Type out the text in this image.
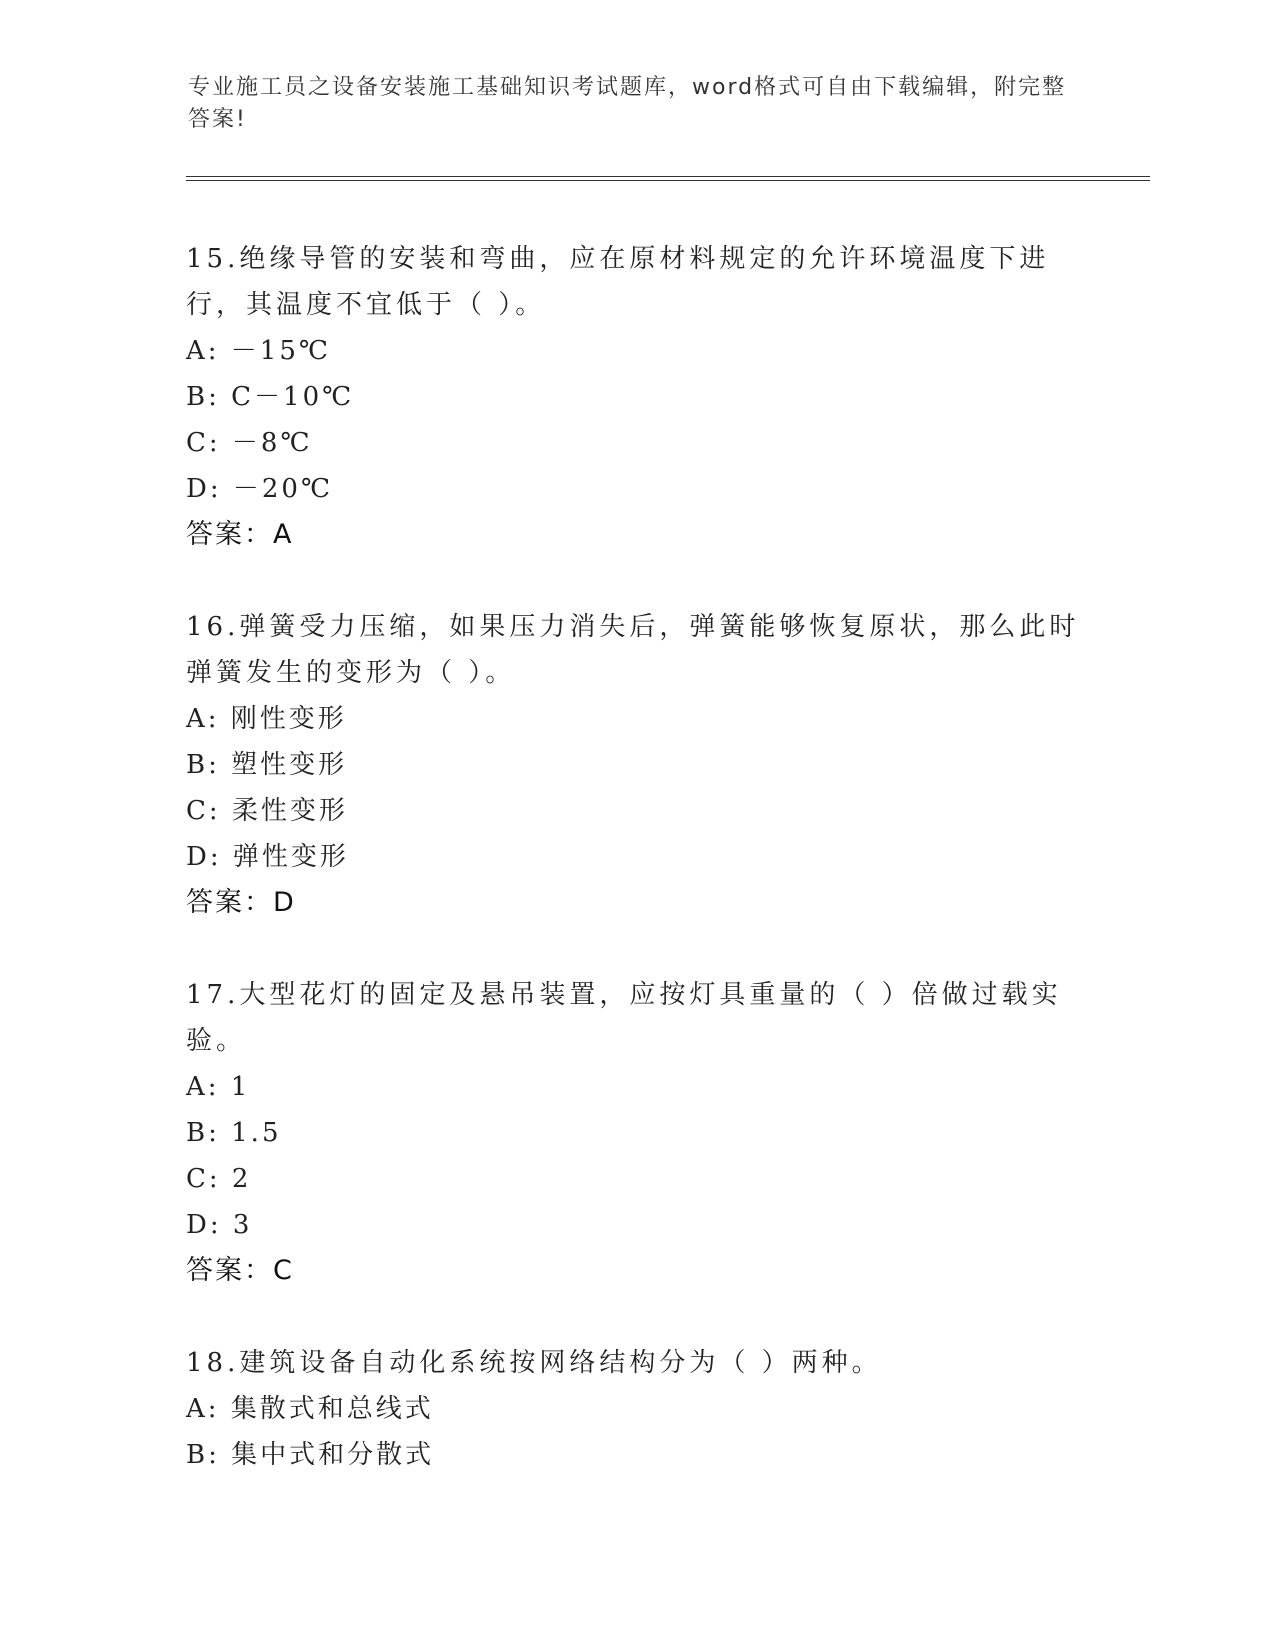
专业施工员之设备安装施工基础知识考试题库，word格式可自由下载编辑，附完整答案!
15.绝缘导管的安装和弯曲，应在原材料规定的允许环境温度下进行，其温度不宜低于（ ）。
A: －15℃
B: C－10℃
C: －8℃
D: －20℃
答案：A
16.弹簧受力压缩，如果压力消失后，弹簧能够恢复原状，那么此时弹簧发生的变形为（ ）。
A: 刚性变形
B: 塑性变形
C: 柔性变形
D: 弹性变形
答案：D
17.大型花灯的固定及悬吊装置，应按灯具重量的（ ）倍做过载实验。
A: 1
B: 1.5
C: 2
D: 3
答案：C
18.建筑设备自动化系统按网络结构分为（ ）两种。
A: 集散式和总线式
B: 集中式和分散式
